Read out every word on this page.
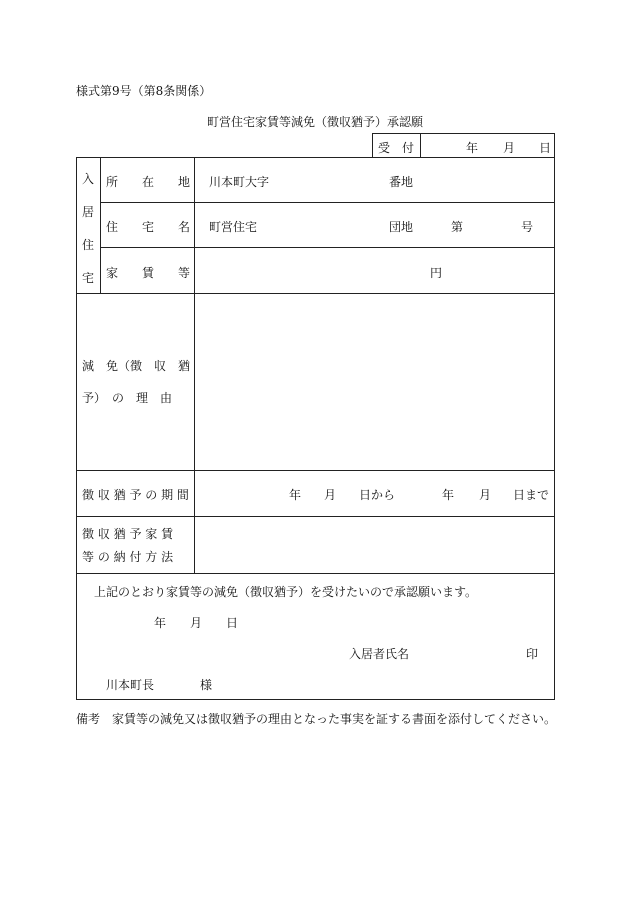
様式第9号（第8条関係）
町営住宅家賃等減免（徴収猶予）承認願
受　付	年 月 日
入
居
住
宅
所　　在　　地 川本町大字	番地
住　　宅　　名 町営住宅	団地	第	号
家　　賃　　等	円
減　免（徴　収　猶
予）　の　理　由
徴 収 猶 予 の 期 間	年 月 日から	年 月 日まで
徴 収 猶 予 家 賃
等 の 納 付 方 法
上記のとおり家賃等の減免（徴収猶予）を受けたいので承認願います。
年 月 日
入居者氏名	印
川本町長	様
備考 家賃等の減免又は徴収猶予の理由となった事実を証する書面を添付してください。
